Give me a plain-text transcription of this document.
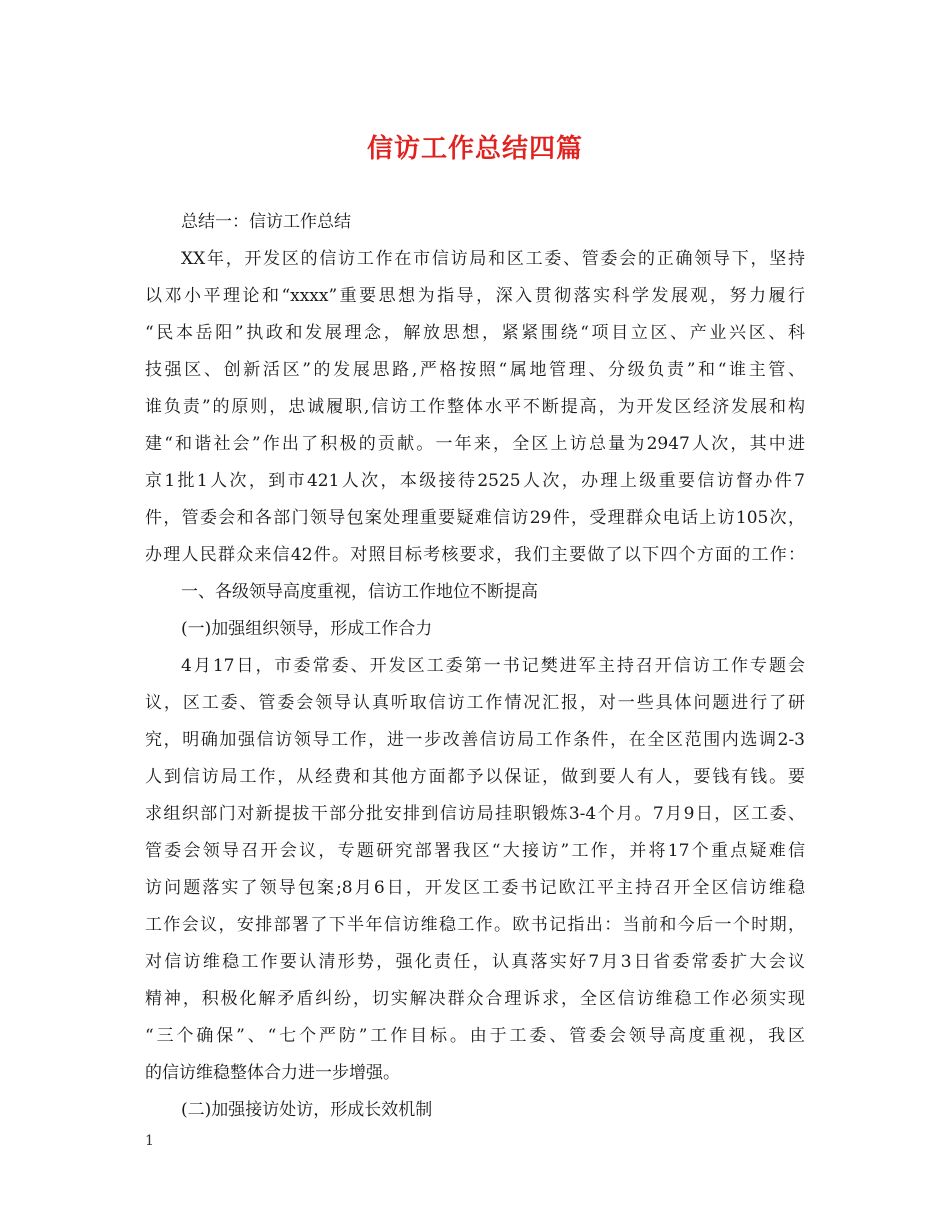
信访工作总结四篇
总结一：信访工作总结
XX年，开发区的信访工作在市信访局和区工委、管委会的正确领导下，坚持
以邓小平理论和“xxxx”重要思想为指导，深入贯彻落实科学发展观，努力履行
“民本岳阳”执政和发展理念，解放思想，紧紧围绕“项目立区、产业兴区、科
技强区、创新活区”的发展思路,严格按照“属地管理、分级负责”和“谁主管、
谁负责”的原则，忠诚履职,信访工作整体水平不断提高，为开发区经济发展和构
建“和谐社会”作出了积极的贡献。一年来，全区上访总量为2947人次，其中进
京1批1人次，到市421人次，本级接待2525人次，办理上级重要信访督办件7
件，管委会和各部门领导包案处理重要疑难信访29件，受理群众电话上访105次，
办理人民群众来信42件。对照目标考核要求，我们主要做了以下四个方面的工作：
一、各级领导高度重视，信访工作地位不断提高
(一)加强组织领导，形成工作合力
4月17日，市委常委、开发区工委第一书记樊进军主持召开信访工作专题会
议，区工委、管委会领导认真听取信访工作情况汇报，对一些具体问题进行了研
究，明确加强信访领导工作，进一步改善信访局工作条件，在全区范围内选调2-3
人到信访局工作，从经费和其他方面都予以保证，做到要人有人，要钱有钱。要
求组织部门对新提拔干部分批安排到信访局挂职锻炼3-4个月。7月9日，区工委、
管委会领导召开会议，专题研究部署我区“大接访”工作，并将17个重点疑难信
访问题落实了领导包案;8月6日，开发区工委书记欧江平主持召开全区信访维稳
工作会议，安排部署了下半年信访维稳工作。欧书记指出：当前和今后一个时期，
对信访维稳工作要认清形势，强化责任，认真落实好7月3日省委常委扩大会议
精神，积极化解矛盾纠纷，切实解决群众合理诉求，全区信访维稳工作必须实现
“三个确保”、“七个严防”工作目标。由于工委、管委会领导高度重视，我区
的信访维稳整体合力进一步增强。
(二)加强接访处访，形成长效机制
1
